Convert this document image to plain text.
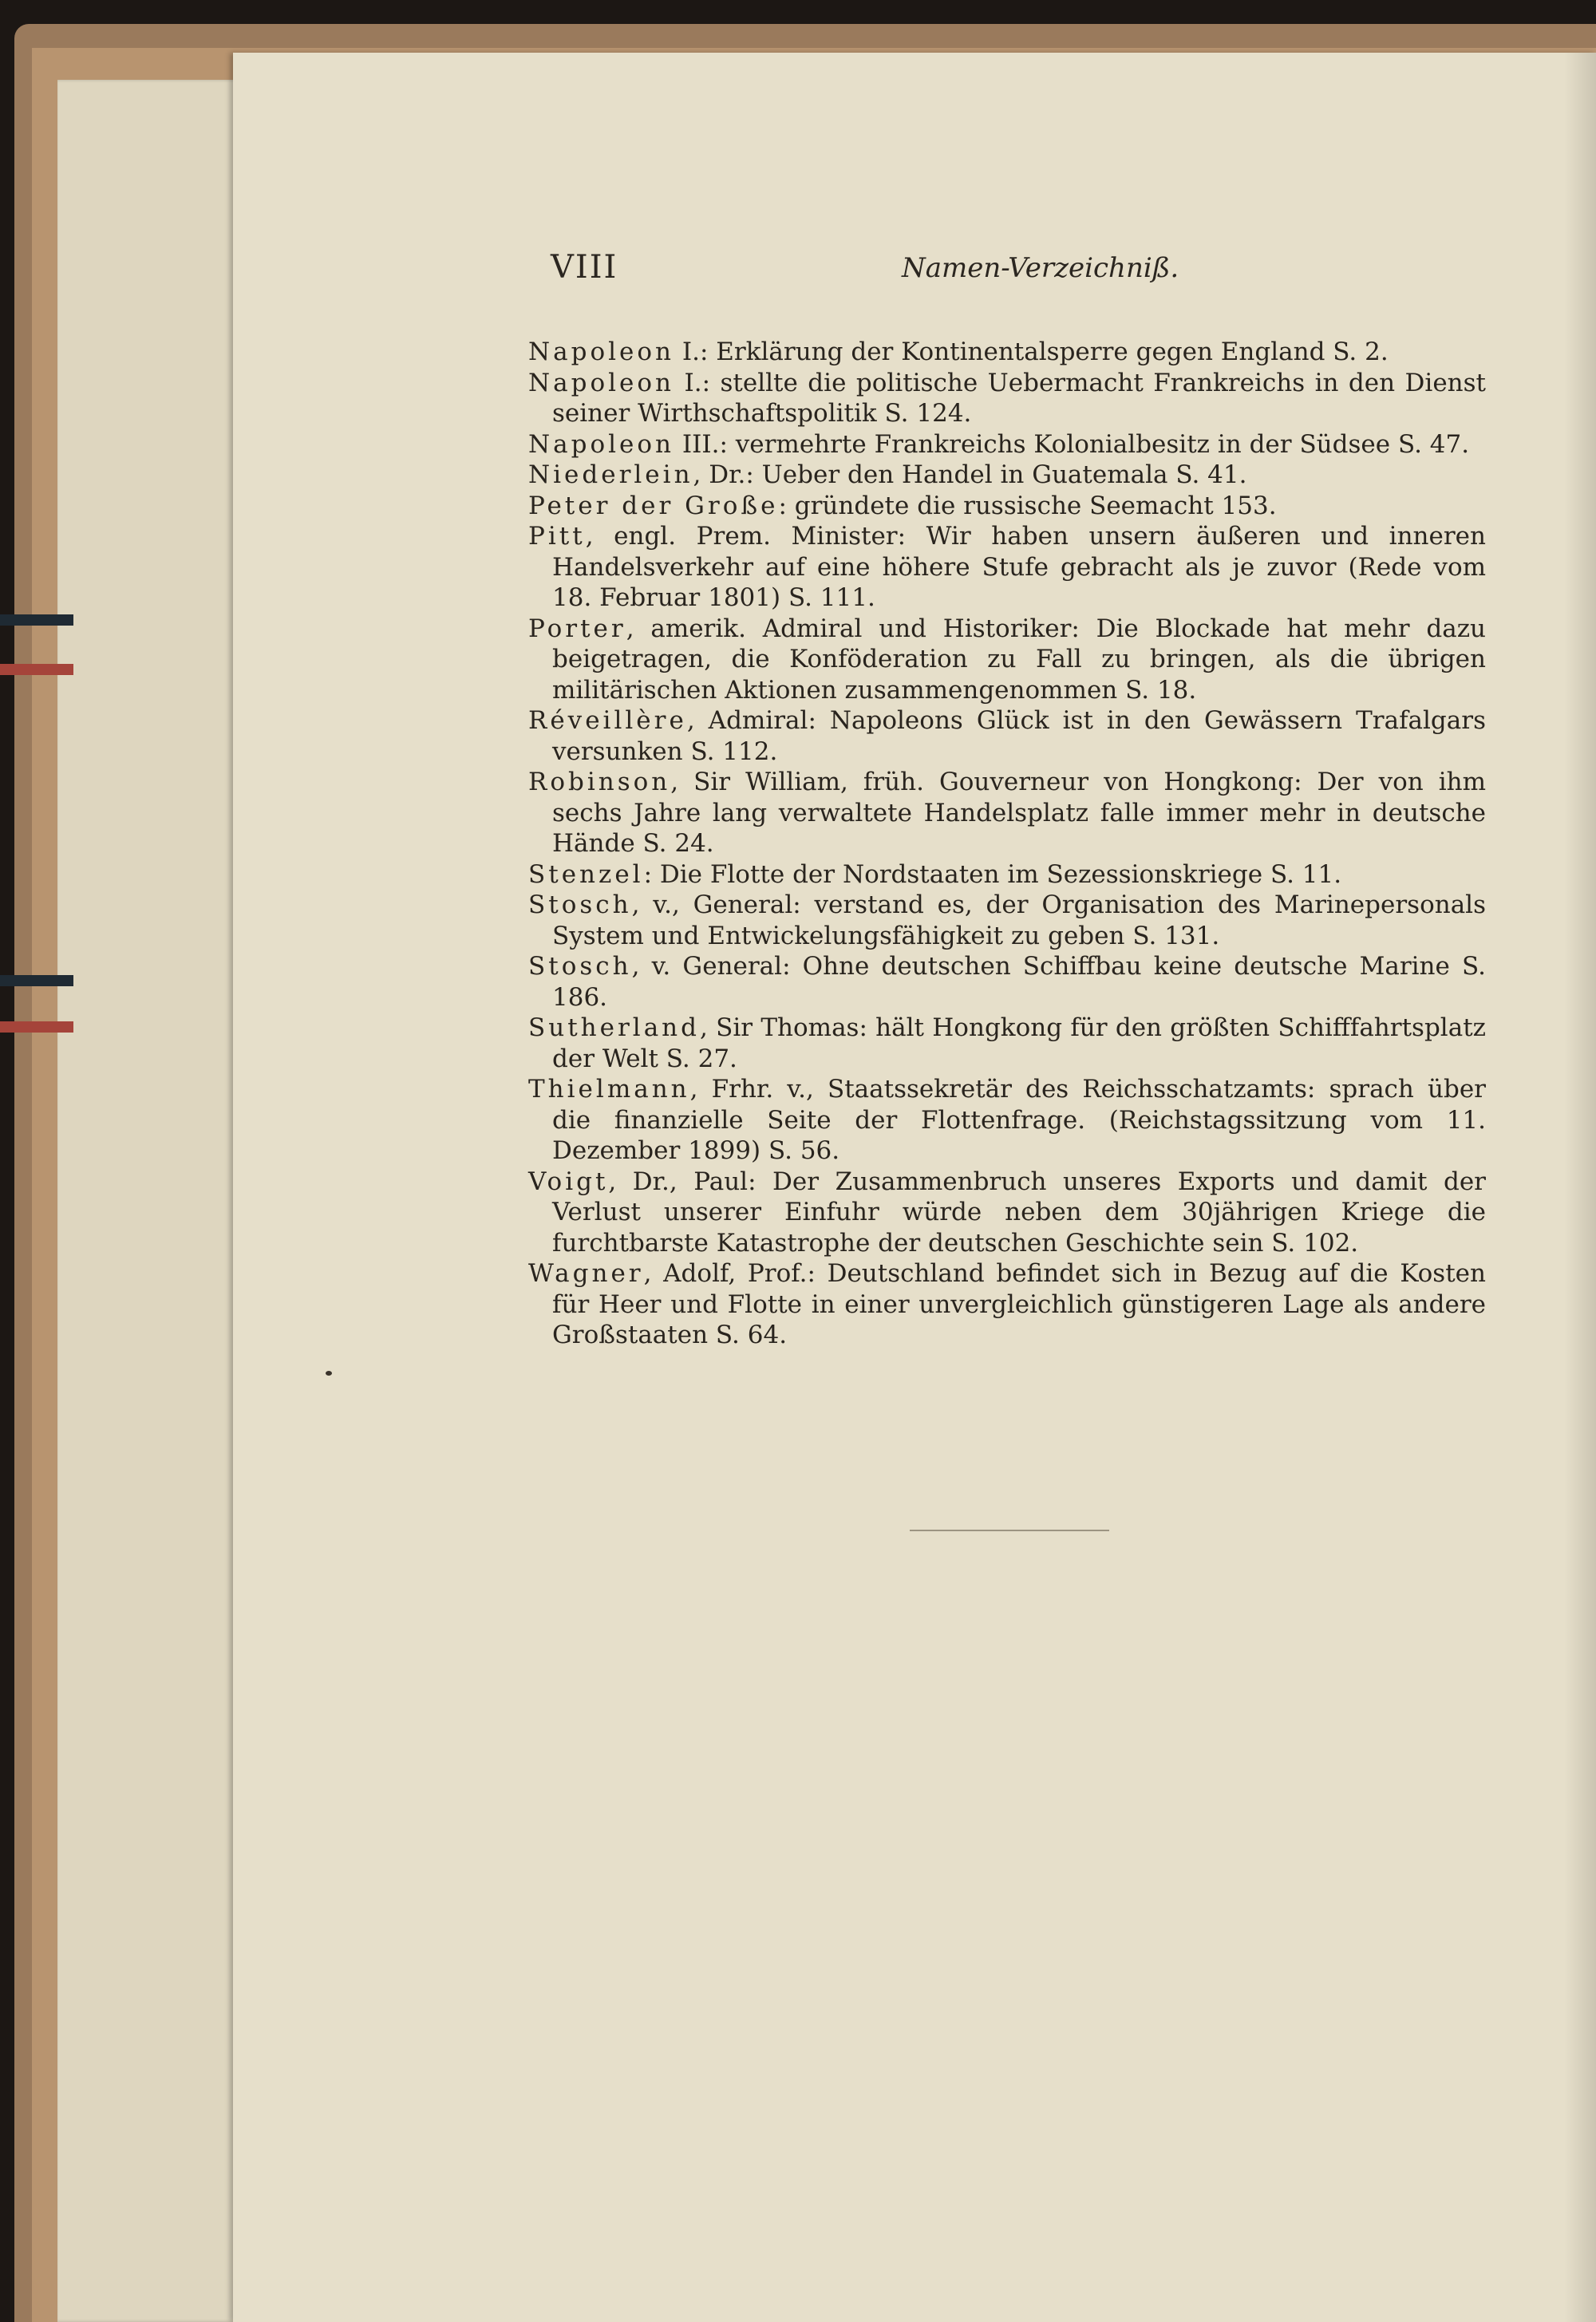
VIII	Namen-Verzeichniß.

Napoleon I.: Erklärung der Kontinentalsperre gegen England S. 2.

Napoleon I.: stellte die politische Uebermacht Frankreichs in den Dienst seiner Wirthschaftspolitik S. 124.

Napoleon III.: vermehrte Frankreichs Kolonialbesitz in der Südsee S. 47.

Niederlein, Dr.: Ueber den Handel in Guatemala S. 41.

Peter der Große: gründete die russische Seemacht 153.

Pitt, engl. Prem. Minister: Wir haben unsern äußeren und inneren Handelsverkehr auf eine höhere Stufe gebracht als je zuvor (Rede vom 18. Februar 1801) S. 111.

Porter, amerik. Admiral und Historiker: Die Blockade hat mehr dazu beigetragen, die Konföderation zu Fall zu bringen, als die übrigen militärischen Aktionen zusammengenommen S. 18.

Réveillère, Admiral: Napoleons Glück ist in den Gewässern Trafalgars versunken S. 112.

Robinson, Sir William, früh. Gouverneur von Hongkong: Der von ihm sechs Jahre lang verwaltete Handelsplatz falle immer mehr in deutsche Hände S. 24.

Stenzel: Die Flotte der Nordstaaten im Sezessionskriege S. 11.

Stosch, v., General: verstand es, der Organisation des Marinepersonals System und Entwickelungsfähigkeit zu geben S. 131.

Stosch, v. General: Ohne deutschen Schiffbau keine deutsche Marine S. 186.

Sutherland, Sir Thomas: hält Hongkong für den größten Schifffahrtsplatz der Welt S. 27.

Thielmann, Frhr. v., Staatssekretär des Reichsschatzamts: sprach über die finanzielle Seite der Flottenfrage. (Reichstagssitzung vom 11. Dezember 1899) S. 56.

Voigt, Dr., Paul: Der Zusammenbruch unseres Exports und damit der Verlust unserer Einfuhr würde neben dem 30jährigen Kriege die furchtbarste Katastrophe der deutschen Geschichte sein S. 102.

Wagner, Adolf, Prof.: Deutschland befindet sich in Bezug auf die Kosten für Heer und Flotte in einer unvergleichlich günstigeren Lage als andere Großstaaten S. 64.
